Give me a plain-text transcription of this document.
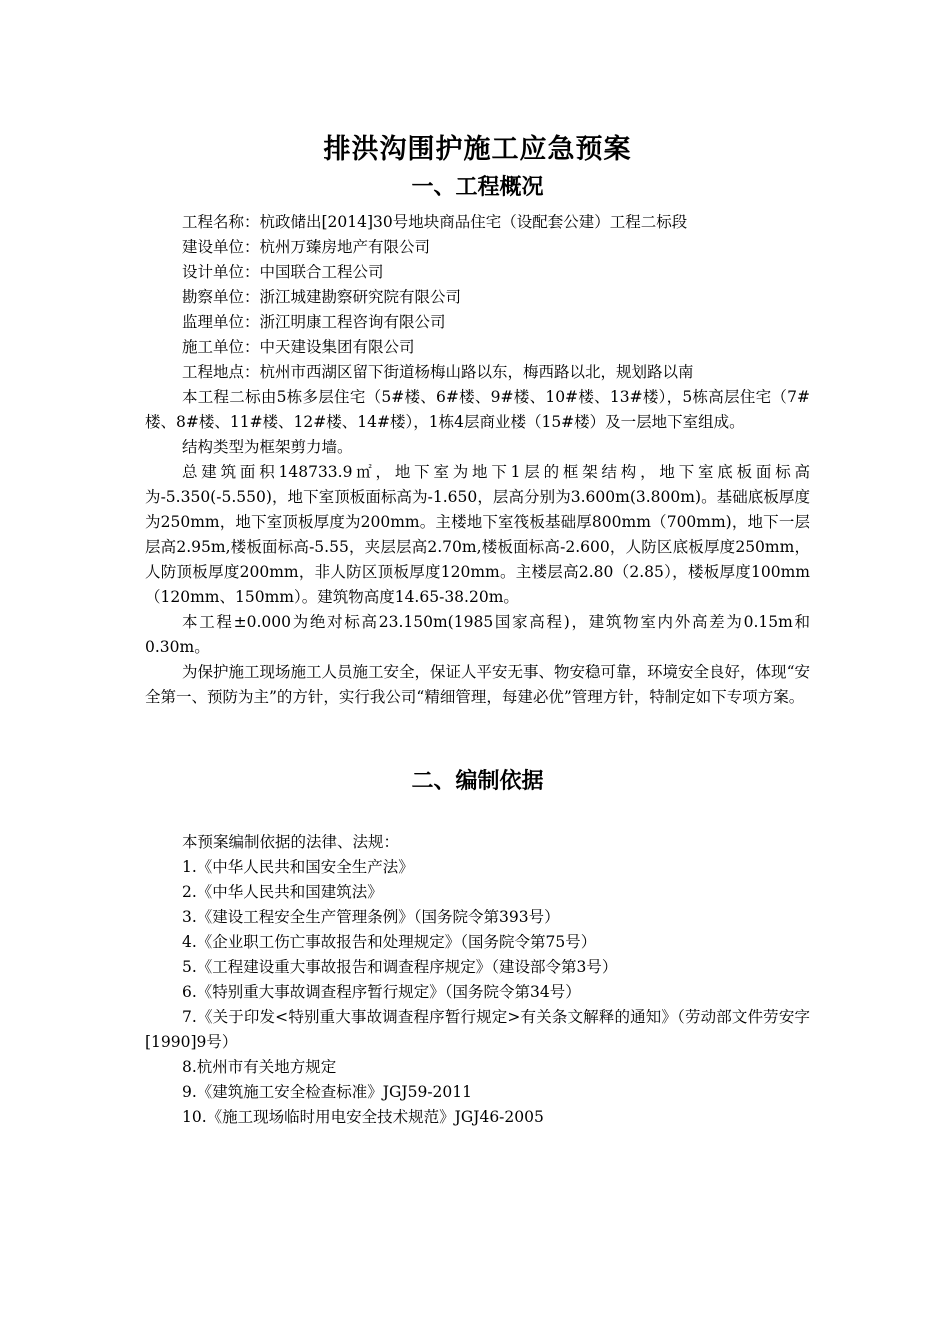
排洪沟围护施工应急预案
一、工程概况

工程名称：杭政储出[2014]30号地块商品住宅（设配套公建）工程二标段

建设单位：杭州万臻房地产有限公司

设计单位：中国联合工程公司

勘察单位：浙江城建勘察研究院有限公司

监理单位：浙江明康工程咨询有限公司

施工单位：中天建设集团有限公司

工程地点：杭州市西湖区留下街道杨梅山路以东，梅西路以北，规划路以南

本工程二标由5栋多层住宅（5#楼、6#楼、9#楼、10#楼、13#楼），5栋高层住宅（7#楼、8#楼、11#楼、12#楼、14#楼），1栋4层商业楼（15#楼）及一层地下室组成。

结构类型为框架剪力墙。

总建筑面积148733.9㎡，地下室为地下1层的框架结构，地下室底板面标高为-5.350(-5.550)，地下室顶板面标高为-1.650，层高分别为3.600m(3.800m)。基础底板厚度为250mm，地下室顶板厚度为200mm。主楼地下室筏板基础厚800mm（700mm)，地下一层层高2.95m,楼板面标高-5.55，夹层层高2.70m,楼板面标高-2.600，人防区底板厚度250mm，人防顶板厚度200mm，非人防区顶板厚度120mm。主楼层高2.80（2.85），楼板厚度100mm（120mm、150mm）。建筑物高度14.65-38.20m。

本工程±0.000为绝对标高23.150m(1985国家高程)，建筑物室内外高差为0.15m和0.30m。

为保护施工现场施工人员施工安全，保证人平安无事、物安稳可靠，环境安全良好，体现“安全第一、预防为主”的方针，实行我公司“精细管理，每建必优”管理方针，特制定如下专项方案。

二、编制依据

本预案编制依据的法律、法规：

1.《中华人民共和国安全生产法》

2.《中华人民共和国建筑法》

3.《建设工程安全生产管理条例》（国务院令第393号）

4.《企业职工伤亡事故报告和处理规定》（国务院令第75号）

5.《工程建设重大事故报告和调查程序规定》（建设部令第3号）

6.《特别重大事故调查程序暂行规定》（国务院令第34号）

7.《关于印发<特别重大事故调查程序暂行规定>有关条文解释的通知》（劳动部文件劳安字[1990]9号）

8.杭州市有关地方规定

9.《建筑施工安全检查标准》JGJ59-2011

10.《施工现场临时用电安全技术规范》JGJ46-2005
